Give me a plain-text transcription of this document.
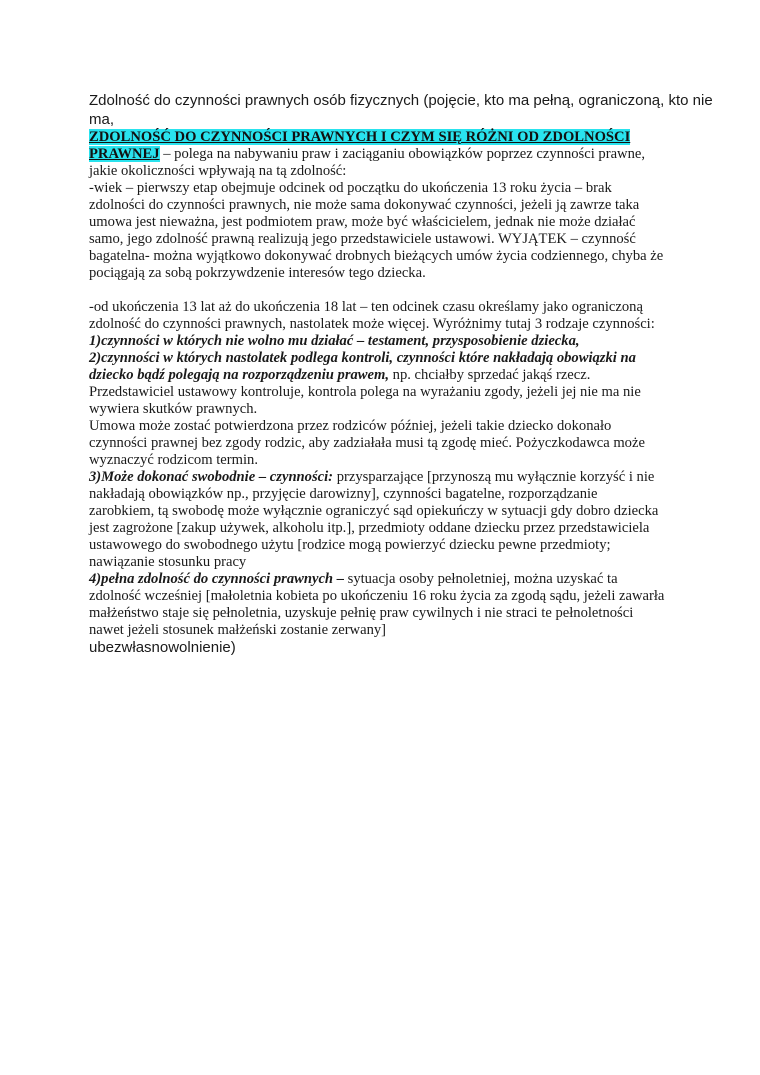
Zdolność do czynności prawnych osób fizycznych (pojęcie, kto ma pełną, ograniczoną, kto nie
ma,
ZDOLNOŚĆ DO CZYNNOŚCI PRAWNYCH I CZYM SIĘ RÓŻNI OD ZDOLNOŚCI
PRAWNEJ – polega na nabywaniu praw i zaciąganiu obowiązków poprzez czynności prawne,
jakie okoliczności wpływają na tą zdolność:
-wiek – pierwszy etap obejmuje odcinek od początku do ukończenia 13 roku życia – brak
zdolności do czynności prawnych, nie może sama dokonywać czynności, jeżeli ją zawrze taka
umowa jest nieważna, jest podmiotem praw, może być właścicielem, jednak nie może działać
samo, jego zdolność prawną realizują jego przedstawiciele ustawowi. WYJĄTEK – czynność
bagatelna- można wyjątkowo dokonywać drobnych bieżących umów życia codziennego, chyba że
pociągają za sobą pokrzywdzenie interesów tego dziecka.
-od ukończenia 13 lat aż do ukończenia 18 lat – ten odcinek czasu określamy jako ograniczoną
zdolność do czynności prawnych, nastolatek może więcej. Wyróżnimy tutaj 3 rodzaje czynności:
1)czynności w których nie wolno mu działać – testament, przysposobienie dziecka,
2)czynności w których nastolatek podlega kontroli, czynności które nakładają obowiązki na
dziecko bądź polegają na rozporządzeniu prawem, np. chciałby sprzedać jakąś rzecz.
Przedstawiciel ustawowy kontroluje, kontrola polega na wyrażaniu zgody, jeżeli jej nie ma nie
wywiera skutków prawnych.
Umowa może zostać potwierdzona przez rodziców później, jeżeli takie dziecko dokonało
czynności prawnej bez zgody rodzic, aby zadziałała musi tą zgodę mieć. Pożyczkodawca może
wyznaczyć rodzicom termin.
3)Może dokonać swobodnie – czynności: przysparzające [przynoszą mu wyłącznie korzyść i nie
nakładają obowiązków np., przyjęcie darowizny], czynności bagatelne, rozporządzanie
zarobkiem, tą swobodę może wyłącznie ograniczyć sąd opiekuńczy w sytuacji gdy dobro dziecka
jest zagrożone [zakup używek, alkoholu itp.], przedmioty oddane dziecku przez przedstawiciela
ustawowego do swobodnego użytu [rodzice mogą powierzyć dziecku pewne przedmioty;
nawiązanie stosunku pracy
4)pełna zdolność do czynności prawnych – sytuacja osoby pełnoletniej, można uzyskać ta
zdolność wcześniej [małoletnia kobieta po ukończeniu 16 roku życia za zgodą sądu, jeżeli zawarła
małżeństwo staje się pełnoletnia, uzyskuje pełnię praw cywilnych i nie straci te pełnoletności
nawet jeżeli stosunek małżeński zostanie zerwany]
ubezwłasnowolnienie)
